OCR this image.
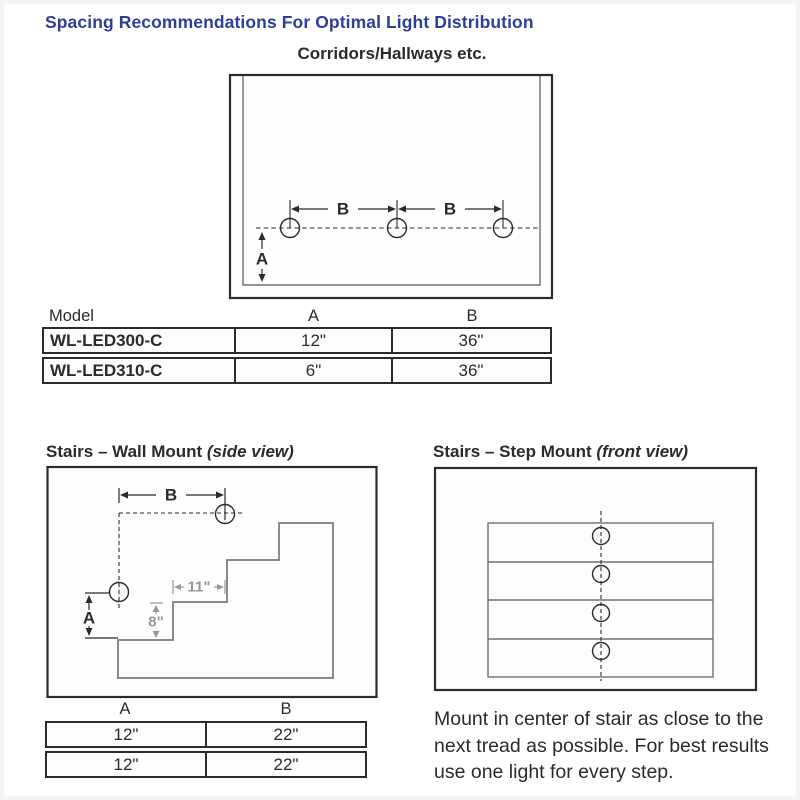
Spacing Recommendations For Optimal Light Distribution
Corridors/Hallways etc.
B	B
A
Model	A	B
WL-LED300-C	12"	36"
WL-LED310-C	6"	36"
Stairs – Wall Mount (side view)
B
A
11"
8"
Stairs – Step Mount (front view)
A	B
12"	22"
12"	22"
Mount in center of stair as close to the next tread as possible. For best results use one light for every step.
